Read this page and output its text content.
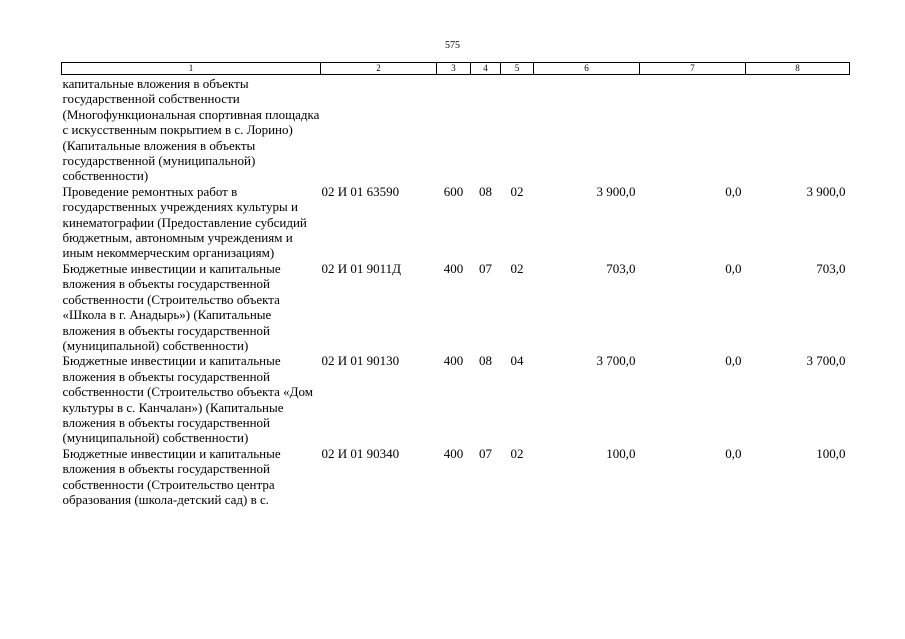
575
1	2	3	4	5	6	7	8
капитальные вложения в объекты государственной собственности (Многофункциональная спортивная площадка с искусственным покрытием в с. Лорино) (Капитальные вложения в объекты государственной (муниципальной) собственности)							
Проведение ремонтных работ в государственных учреждениях культуры и кинематографии (Предоставление субсидий бюджетным, автономным учреждениям и иным некоммерческим организациям)	02 И 01 63590	600	08	02	3 900,0	0,0	3 900,0
Бюджетные инвестиции и капитальные вложения в объекты государственной собственности (Строительство объекта «Школа в г. Анадырь») (Капитальные вложения в объекты государственной (муниципальной) собственности)	02 И 01 9011Д	400	07	02	703,0	0,0	703,0
Бюджетные инвестиции и капитальные вложения в объекты государственной собственности (Строительство объекта «Дом культуры в с. Канчалан») (Капитальные вложения в объекты государственной (муниципальной) собственности)	02 И 01 90130	400	08	04	3 700,0	0,0	3 700,0
Бюджетные инвестиции и капитальные вложения в объекты государственной собственности (Строительство центра образования (школа-детский сад) в с.	02 И 01 90340	400	07	02	100,0	0,0	100,0
